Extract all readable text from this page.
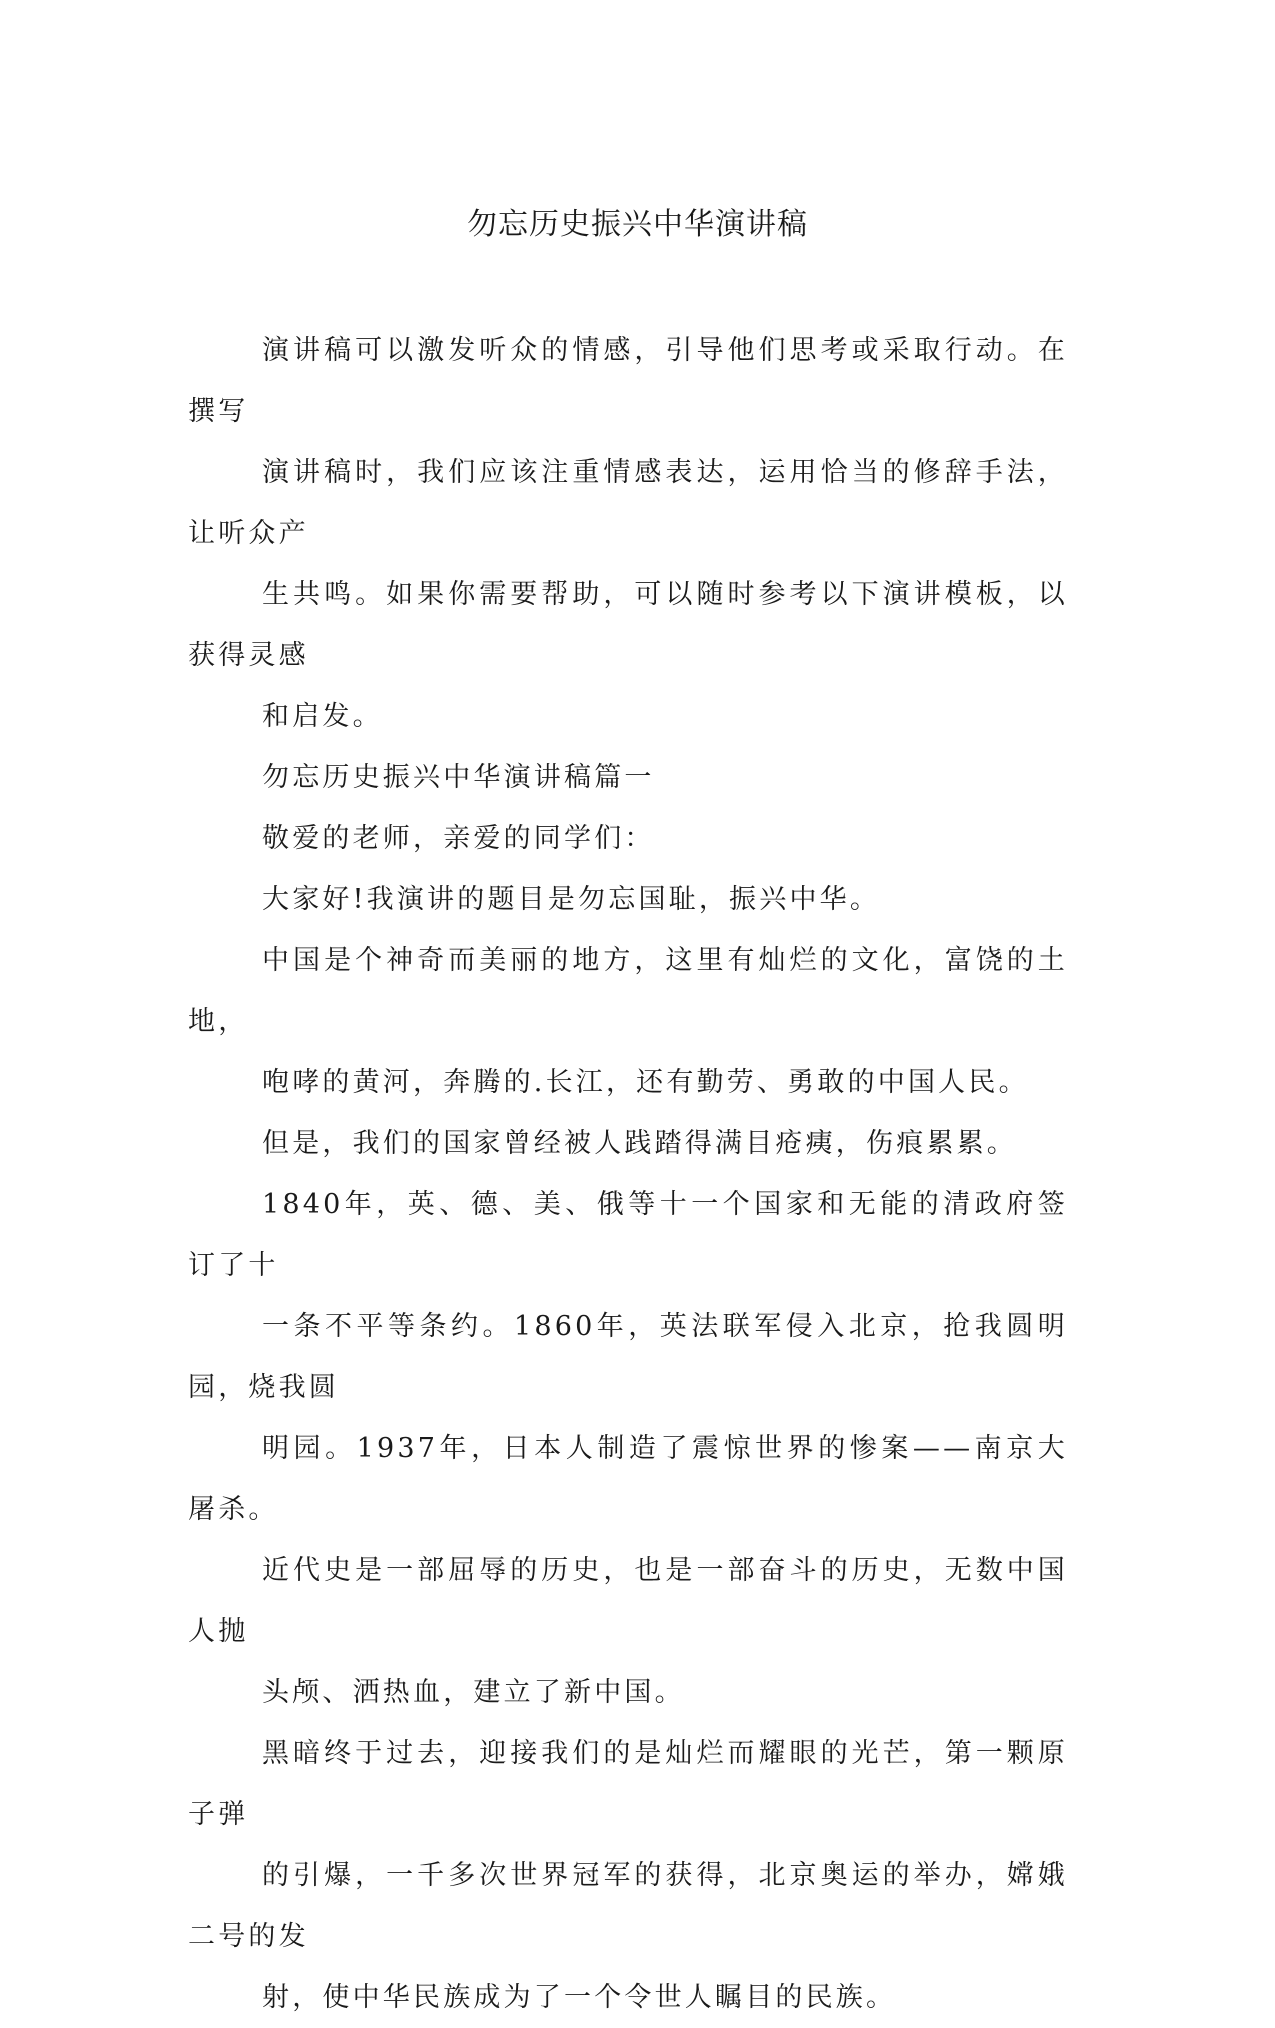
勿忘历史振兴中华演讲稿

演讲稿可以激发听众的情感，引导他们思考或采取行动。在撰写
演讲稿时，我们应该注重情感表达，运用恰当的修辞手法，让听众产
生共鸣。如果你需要帮助，可以随时参考以下演讲模板，以获得灵感
和启发。

勿忘历史振兴中华演讲稿篇一

敬爱的老师，亲爱的同学们：

大家好!我演讲的题目是勿忘国耻，振兴中华。

中国是个神奇而美丽的地方，这里有灿烂的文化，富饶的土地，
咆哮的黄河，奔腾的.长江，还有勤劳、勇敢的中国人民。

但是，我们的国家曾经被人践踏得满目疮痍，伤痕累累。

1840年，英、德、美、俄等十一个国家和无能的清政府签订了十
一条不平等条约。1860年，英法联军侵入北京，抢我圆明园，烧我圆
明园。1937年，日本人制造了震惊世界的惨案——南京大屠杀。

近代史是一部屈辱的历史，也是一部奋斗的历史，无数中国人抛
头颅、洒热血，建立了新中国。

黑暗终于过去，迎接我们的是灿烂而耀眼的光芒，第一颗原子弹
的引爆，一千多次世界冠军的获得，北京奥运的举办，嫦娥二号的发
射，使中华民族成为了一个令世人瞩目的民族。
